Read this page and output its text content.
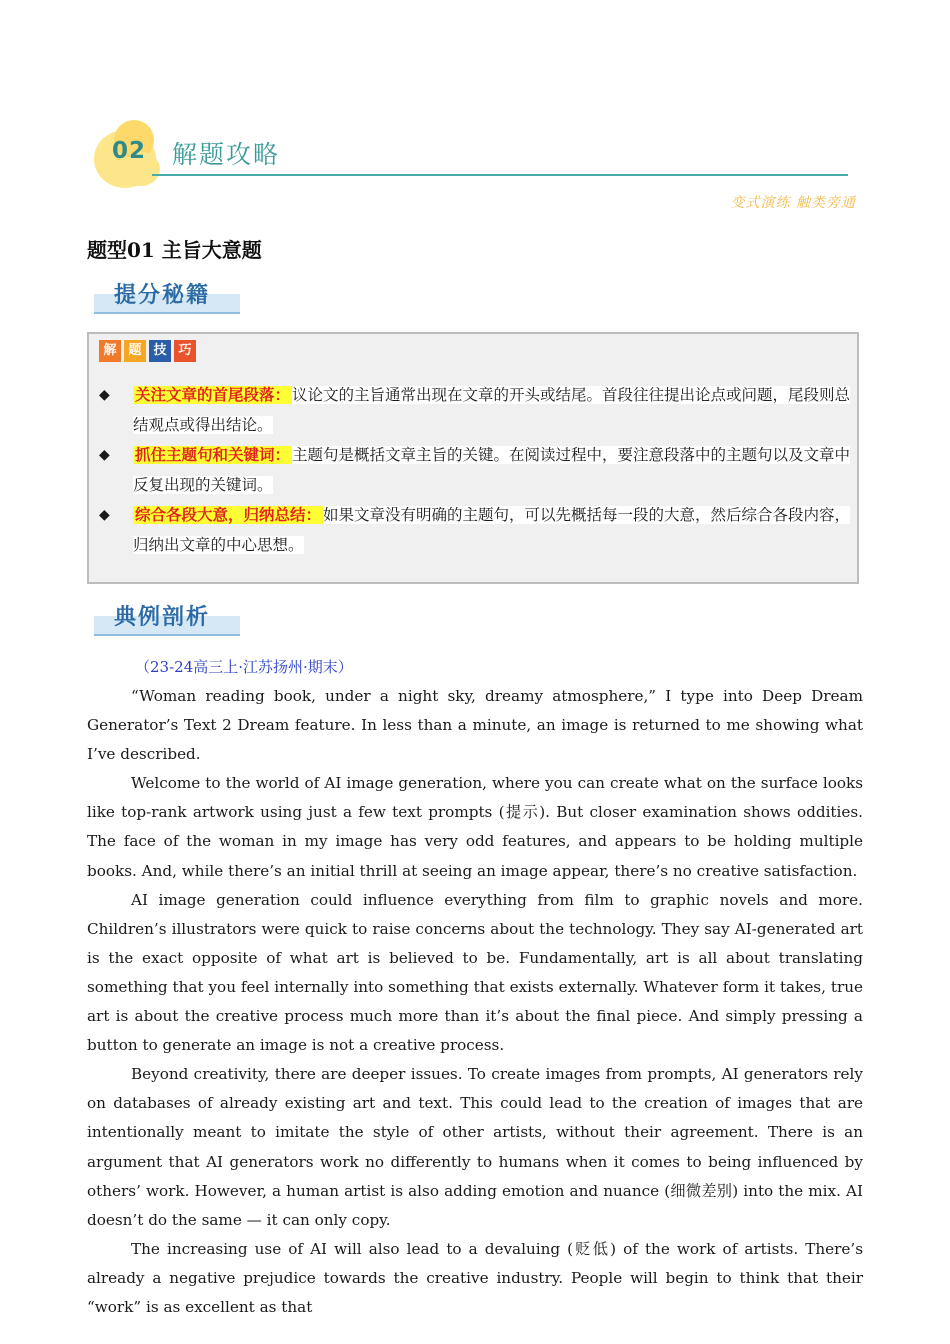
02 解题攻略
变式演练 触类旁通
题型01 主旨大意题
提分秘籍
解 题 技 巧
◆ 关注文章的首尾段落： 议论文的主旨通常出现在文章的开头或结尾。首段往往提出论点或问题，尾段则总结观点或得出结论。
◆ 抓住主题句和关键词： 主题句是概括文章主旨的关键。在阅读过程中，要注意段落中的主题句以及文章中反复出现的关键词。
◆ 综合各段大意，归纳总结： 如果文章没有明确的主题句，可以先概括每一段的大意，然后综合各段内容，归纳出文章的中心思想。
典例剖析
（23-24高三上·江苏扬州·期末）

“Woman reading book, under a night sky, dreamy atmosphere,” I type into Deep Dream Generator’s Text 2 Dream feature. In less than a minute, an image is returned to me showing what I’ve described.

Welcome to the world of AI image generation, where you can create what on the surface looks like top-rank artwork using just a few text prompts (提示). But closer examination shows oddities. The face of the woman in my image has very odd features, and appears to be holding multiple books. And, while there’s an initial thrill at seeing an image appear, there’s no creative satisfaction.

AI image generation could influence everything from film to graphic novels and more. Children’s illustrators were quick to raise concerns about the technology. They say AI-generated art is the exact opposite of what art is believed to be. Fundamentally, art is all about translating something that you feel internally into something that exists externally. Whatever form it takes, true art is about the creative process much more than it’s about the final piece. And simply pressing a button to generate an image is not a creative process.

Beyond creativity, there are deeper issues. To create images from prompts, AI generators rely on databases of already existing art and text. This could lead to the creation of images that are intentionally meant to imitate the style of other artists, without their agreement. There is an argument that AI generators work no differently to humans when it comes to being influenced by others’ work. However, a human artist is also adding emotion and nuance (细微差别) into the mix. AI doesn’t do the same — it can only copy.

The increasing use of AI will also lead to a devaluing (贬低) of the work of artists. There’s already a negative prejudice towards the creative industry. People will begin to think that their “work” is as excellent as that
